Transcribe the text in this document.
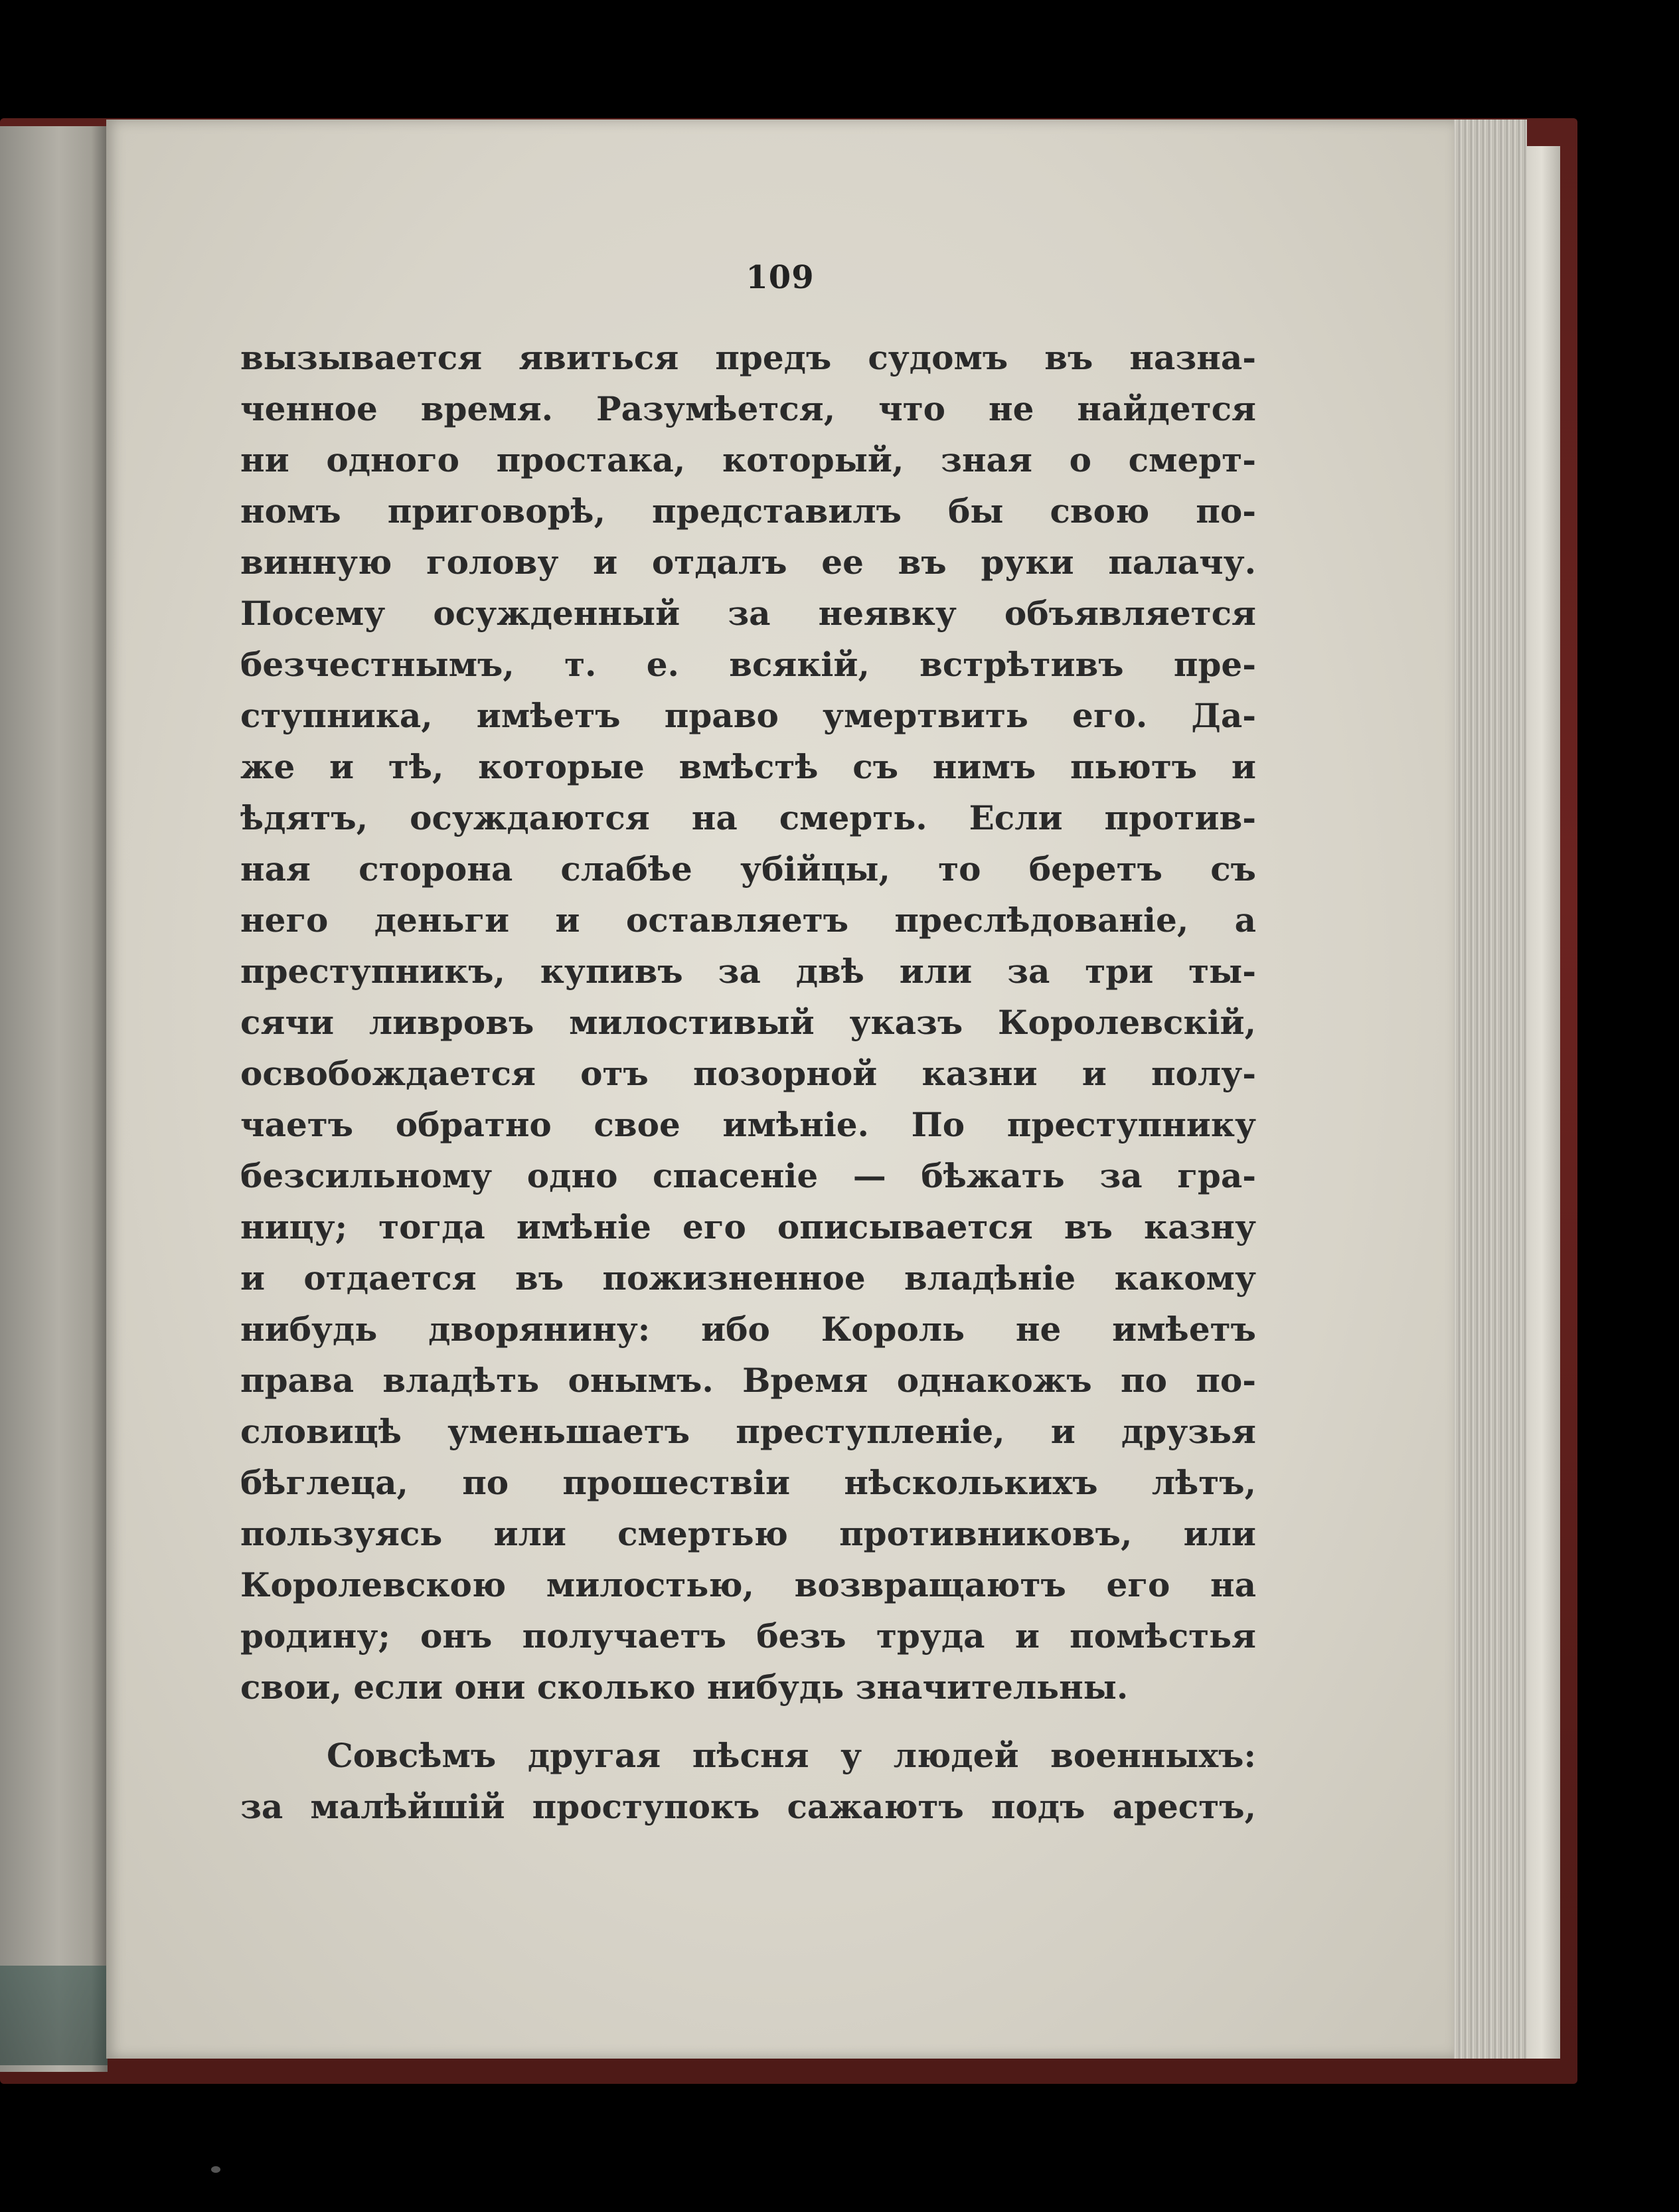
109
вызывается явиться предъ судомъ въ назна-
ченное время. Разумѣется, что не найдется
ни одного простака, который, зная о смерт-
номъ приговорѣ, представилъ бы свою по-
винную голову и отдалъ ее въ руки палачу.
Посему осужденный за неявку объявляется
безчестнымъ, т. е. всякій, встрѣтивъ пре-
ступника, имѣетъ право умертвить его. Да-
же и тѣ, которые вмѣстѣ съ нимъ пьютъ и
ѣдятъ, осуждаются на смерть. Если против-
ная сторона слабѣе убійцы, то беретъ съ
него деньги и оставляетъ преслѣдованіе, а
преступникъ, купивъ за двѣ или за три ты-
сячи ливровъ милостивый указъ Королевскій,
освобождается отъ позорной казни и полу-
чаетъ обратно свое имѣніе. По преступнику
безсильному одно спасеніе — бѣжать за гра-
ницу; тогда имѣніе его описывается въ казну
и отдается въ пожизненное владѣніе какому
нибудь дворянину: ибо Король не имѣетъ
права владѣть онымъ. Время однакожъ по по-
словицѣ уменьшаетъ преступленіе, и друзья
бѣглеца, по прошествіи нѣсколькихъ лѣтъ,
пользуясь или смертью противниковъ, или
Королевскою милостью, возвращаютъ его на
родину; онъ получаетъ безъ труда и помѣстья
свои, если они сколько нибудь значительны.
Совсѣмъ другая пѣсня у людей военныхъ:
за малѣйшій проступокъ сажаютъ подъ арестъ,
